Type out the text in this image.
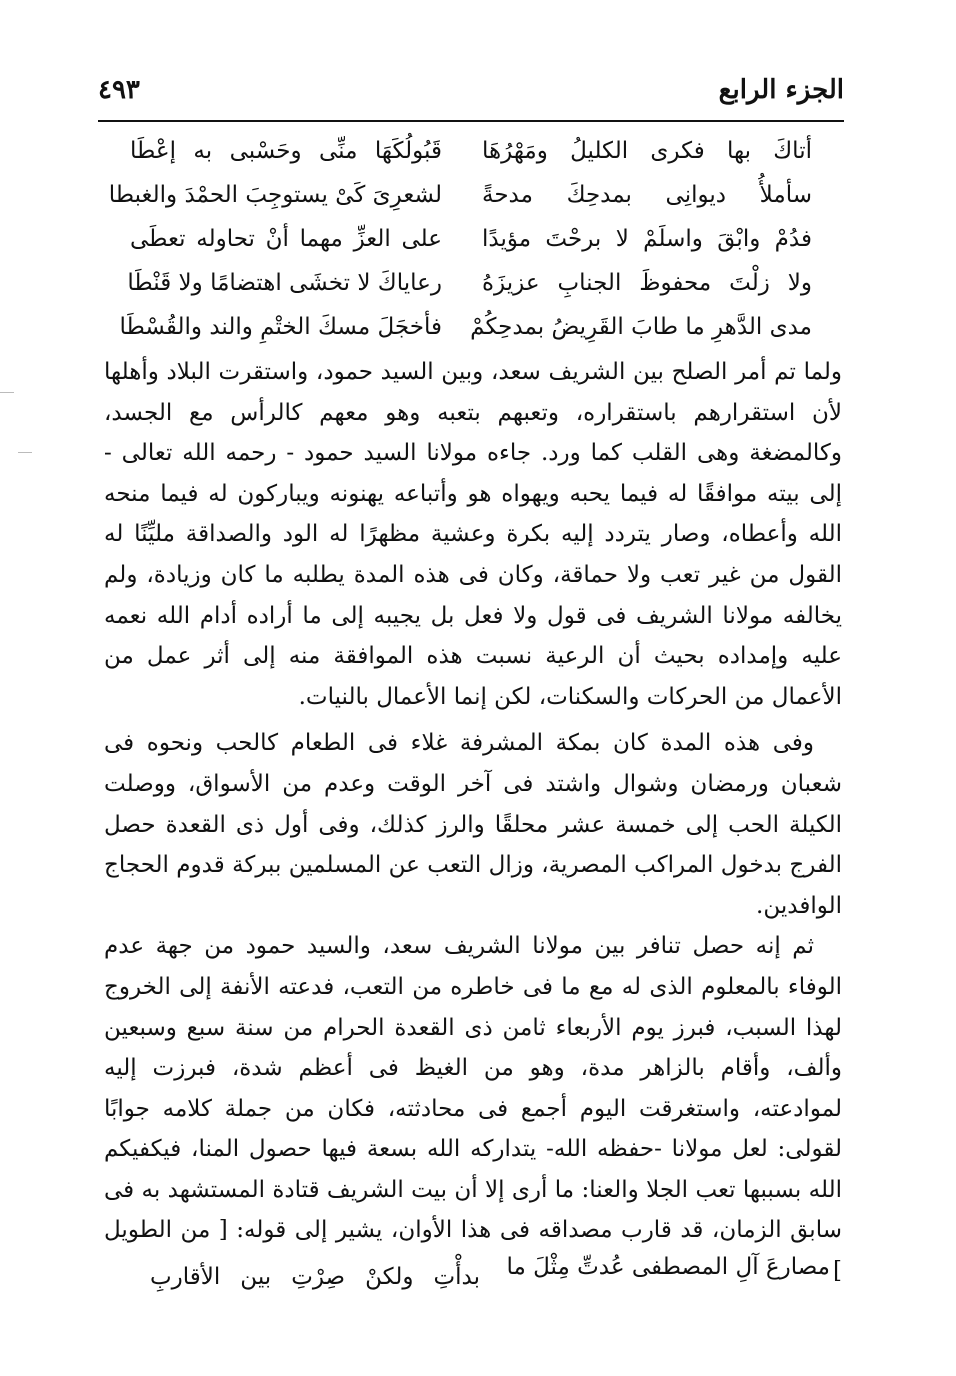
الجزء الرابع
٤٩٣
أتاكَ بها فكرى الكليلُ ومَهْرُهَا
قَبُولُكَهَا منِّى وحَسْبى به إعْطَا
سأملأُ ديوانِى بمدحِكَ مدحةً
لشعرِىَ كَىْ يستوجِبَ الحمْدَ والغبطا
فدُمْ وابْقَ واسلَمْ لا برحْتَ مؤيدًا
على العزِّ مهما أنْ تحاوله تعطَى
ولا زلْتَ محفوظَ الجنابِ عزيزَهُ
رعاياكَ لا تخشَى اهتضامًا ولا قَنْطَا
مدى الدَّهرِ ما طابَ القَرِيضُ بمدحِكُمْ
فأخجَلَ مسكَ الختْمِ والند والقُسْطَا

ولما تم أمر الصلح بين الشريف سعد، وبين السيد حمود، واستقرت البلاد وأهلها لأن استقرارهم باستقراره، وتعبهم بتعبه وهو معهم كالرأس مع الجسد، وكالمضغة وهى القلب كما ورد. جاءه مولانا السيد حمود - رحمه الله تعالى - إلى بيته موافقًا له فيما يحبه ويهواه هو وأتباعه يهنونه ويباركون له فيما منحه الله وأعطاه، وصار يتردد إليه بكرة وعشية مظهرًا له الود والصداقة مليِّنًا له القول من غير تعب ولا حماقة، وكان فى هذه المدة يطلبه ما كان وزيادة، ولم يخالفه مولانا الشريف فى قول ولا فعل بل يجيبه إلى ما أراده أدام الله نعمه عليه وإمداده بحيث أن الرعية نسبت هذه الموافقة منه إلى أثر عمل من الأعمال من الحركات والسكنات، لكن إنما الأعمال بالنيات.

وفى هذه المدة كان بمكة المشرفة غلاء فى الطعام كالحب ونحوه فى شعبان ورمضان وشوال واشتد فى آخر الوقت وعدم من الأسواق، ووصلت الكيلة الحب إلى خمسة عشر محلقًا والرز كذلك، وفى أول ذى القعدة حصل الفرج بدخول المراكب المصرية، وزال التعب عن المسلمين ببركة قدوم الحجاج الوافدين.

ثم إنه حصل تنافر بين مولانا الشريف سعد، والسيد حمود من جهة عدم الوفاء بالمعلوم الذى له مع ما فى خاطره من التعب، فدعته الأنفة إلى الخروج لهذا السبب، فبرز يوم الأربعاء ثامن ذى القعدة الحرام من سنة سبع وسبعين وألف، وأقام بالزاهر مدة، وهو من الغيظ فى أعظم شدة، فبرزت إليه لموادعته، واستغرقت اليوم أجمع فى محادثته، فكان من جملة كلامه جوابًا لقولى: لعل مولانا -حفظه الله- يتداركه الله بسعة فيها حصول المنا، فيكفيكم الله بسببها تعب الجلا والعنا: ما أرى إلا أن بيت الشريف قتادة المستشهد به فى سابق الزمان، قد قارب مصداقه فى هذا الأوان، يشير إلى قوله: [ من الطويل ]

مصارعَ آلِ المصطفى عُدتِّ مِثْلَ ما
بدأْتِ ولكنْ صِرْتِ بين الأقاربِ
